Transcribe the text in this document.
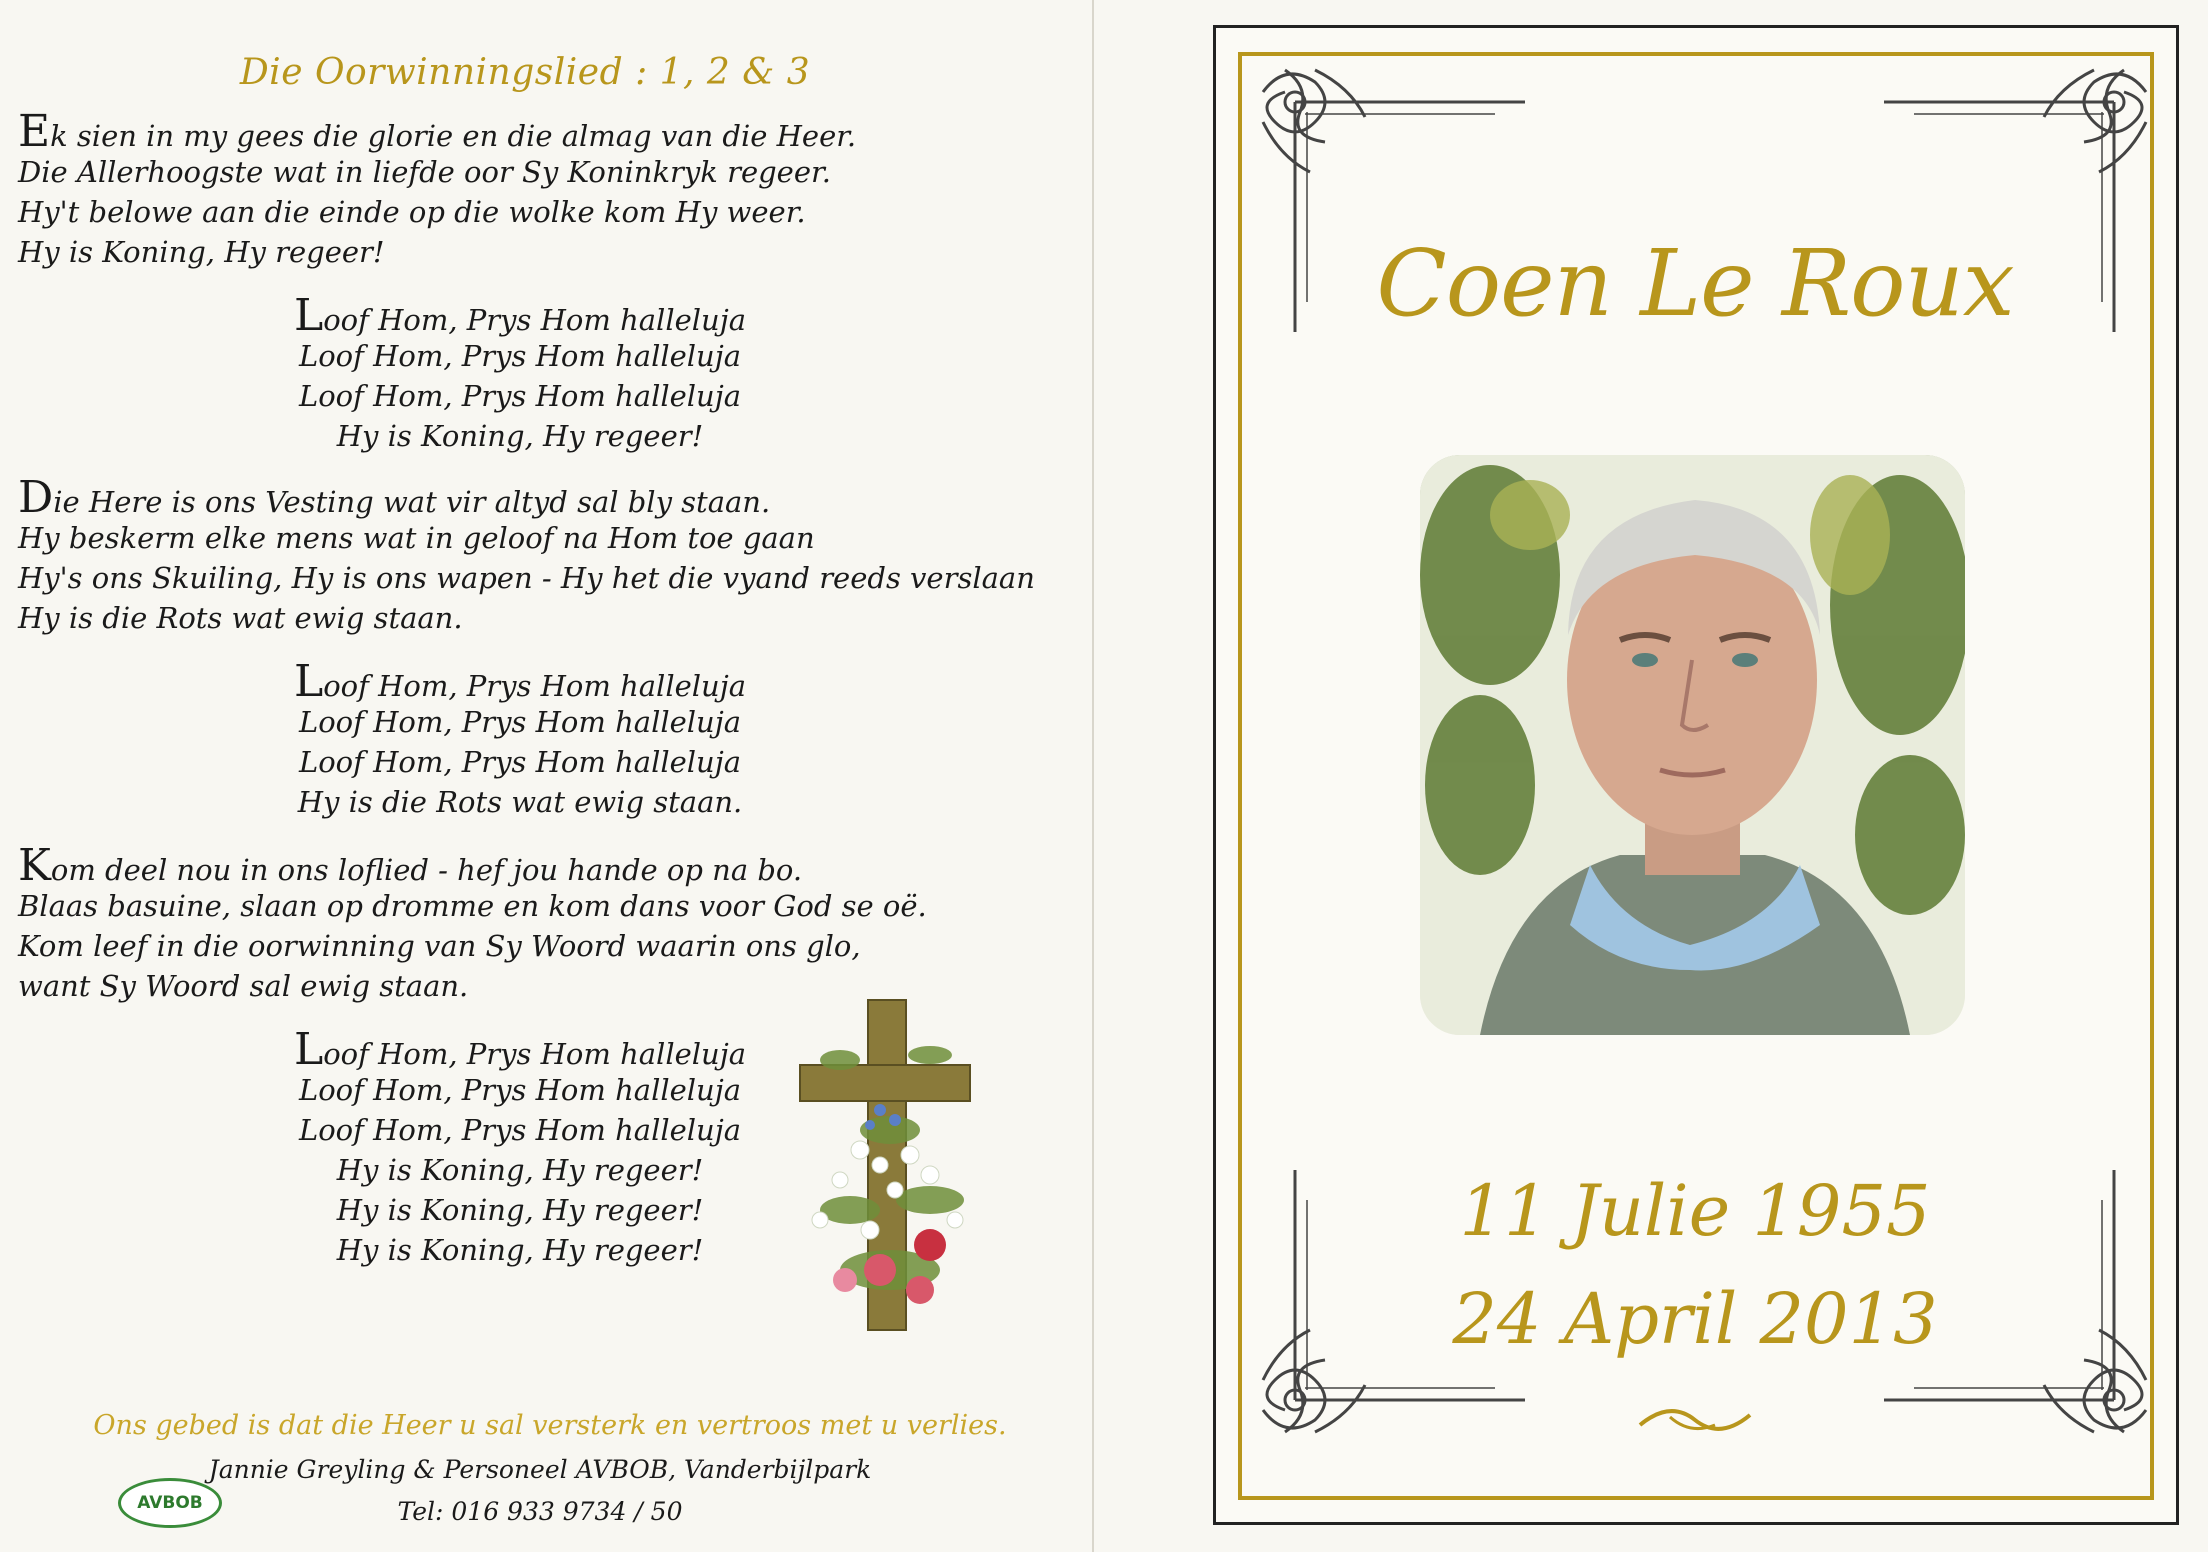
Die Oorwinningslied : 1, 2 & 3
Ek sien in my gees die glorie en die almag van die Heer.
Die Allerhoogste wat in liefde oor Sy Koninkryk regeer.
Hy't belowe aan die einde op die wolke kom Hy weer.
Hy is Koning, Hy regeer!
Loof Hom, Prys Hom halleluja
Loof Hom, Prys Hom halleluja
Loof Hom, Prys Hom halleluja
Hy is Koning, Hy regeer!
Die Here is ons Vesting wat vir altyd sal bly staan.
Hy beskerm elke mens wat in geloof na Hom toe gaan
Hy's ons Skuiling, Hy is ons wapen - Hy het die vyand reeds verslaan
Hy is die Rots wat ewig staan.
Loof Hom, Prys Hom halleluja
Loof Hom, Prys Hom halleluja
Loof Hom, Prys Hom halleluja
Hy is die Rots wat ewig staan.
Kom deel nou in ons loflied - hef jou hande op na bo.
Blaas basuine, slaan op dromme en kom dans voor God se oë.
Kom leef in die oorwinning van Sy Woord waarin ons glo,
want Sy Woord sal ewig staan.
Loof Hom, Prys Hom halleluja
Loof Hom, Prys Hom halleluja
Loof Hom, Prys Hom halleluja
Hy is Koning, Hy regeer!
Hy is Koning, Hy regeer!
Hy is Koning, Hy regeer!
Ons gebed is dat die Heer u sal versterk en vertroos met u verlies.
AVBOB
Jannie Greyling & Personeel AVBOB, Vanderbijlpark
Tel: 016 933 9734 / 50
Coen Le Roux
11 Julie 1955
24 April 2013
